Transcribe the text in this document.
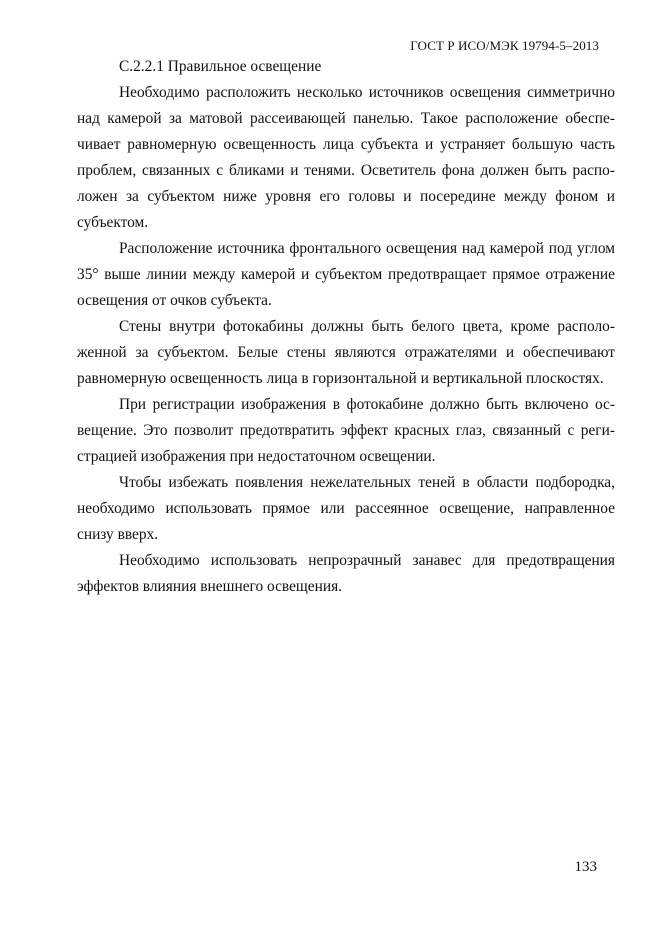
ГОСТ Р ИСО/МЭК 19794-5–2013

С.2.2.1 Правильное освещение

Необходимо расположить несколько источников освещения симметрично над камерой за матовой рассеивающей панелью. Такое расположение обеспечивает равномерную освещенность лица субъекта и устраняет большую часть проблем, связанных с бликами и тенями. Осветитель фона должен быть расположен за субъектом ниже уровня его головы и посередине между фоном и субъектом.

Расположение источника фронтального освещения над камерой под углом 35° выше линии между камерой и субъектом предотвращает прямое отражение освещения от очков субъекта.

Стены внутри фотокабины должны быть белого цвета, кроме расположенной за субъектом. Белые стены являются отражателями и обеспечивают равномерную освещенность лица в горизонтальной и вертикальной плоскостях.

При регистрации изображения в фотокабине должно быть включено освещение. Это позволит предотвратить эффект красных глаз, связанный с регистрацией изображения при недостаточном освещении.

Чтобы избежать появления нежелательных теней в области подбородка, необходимо использовать прямое или рассеянное освещение, направленное снизу вверх.

Необходимо использовать непрозрачный занавес для предотвращения эффектов влияния внешнего освещения.

133
